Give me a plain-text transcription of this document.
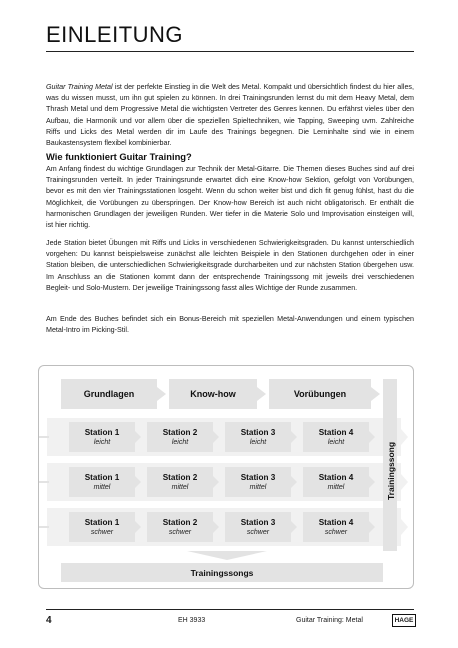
EINLEITUNG

Guitar Training Metal ist der perfekte Einstieg in die Welt des Metal. Kompakt und übersichtlich findest du hier alles, was du wissen musst, um ihn gut spielen zu können. In drei Trainingsrunden lernst du mit dem Heavy Metal, dem Thrash Metal und dem Progressive Metal die wichtigsten Vertreter des Genres kennen. Du erfährst vieles über den Aufbau, die Harmonik und vor allem über die speziellen Spieltechniken, wie Tapping, Sweeping uvm. Zahlreiche Riffs und Licks des Metal werden dir im Laufe des Trainings begegnen. Die Lerninhalte sind wie in einem Baukastensystem flexibel kombinierbar.

Wie funktioniert Guitar Training?

Am Anfang findest du wichtige Grundlagen zur Technik der Metal-Gitarre. Die Themen dieses Buches sind auf drei Trainingsrunden verteilt. In jeder Trainingsrunde erwartet dich eine Know-how Sektion, gefolgt von Vorübungen, bevor es mit den vier Trainingsstationen losgeht. Wenn du schon weiter bist und dich fit genug fühlst, hast du die Möglichkeit, die Vorübungen zu überspringen. Der Know-how Bereich ist auch nicht obligatorisch. Er enthält die harmonischen Grundlagen der jeweiligen Runden. Wer tiefer in die Materie Solo und Improvisation einsteigen will, ist hier richtig.

Jede Station bietet Übungen mit Riffs und Licks in verschiedenen Schwierigkeitsgraden. Du kannst unterschiedlich vorgehen: Du kannst beispielsweise zunächst alle leichten Beispiele in den Stationen durchgehen oder in einer Station bleiben, die unterschiedlichen Schwierigkeitsgrade durcharbeiten und zur nächsten Station übergehen usw. Im Anschluss an die Stationen kommt dann der entsprechende Trainingssong mit jeweils drei verschiedenen Begleit- und Solo-Mustern. Der jeweilige Trainingssong fasst alles Wichtige der Runde zusammen.

Am Ende des Buches befindet sich ein Bonus-Bereich mit speziellen Metal-Anwendungen und einem typischen Metal-Intro im Picking-Stil.

Grundlagen	Know-how	Vorübungen
Station 1
leicht
Station 2
leicht
Station 3
leicht
Station 4
leicht
Station 1
mittel
Station 2
mittel
Station 3
mittel
Station 4
mittel
Station 1
schwer
Station 2
schwer
Station 3
schwer
Station 4
schwer
Trainingssong
Trainingssongs
4	EH 3933	Guitar Training: Metal	HAGE
